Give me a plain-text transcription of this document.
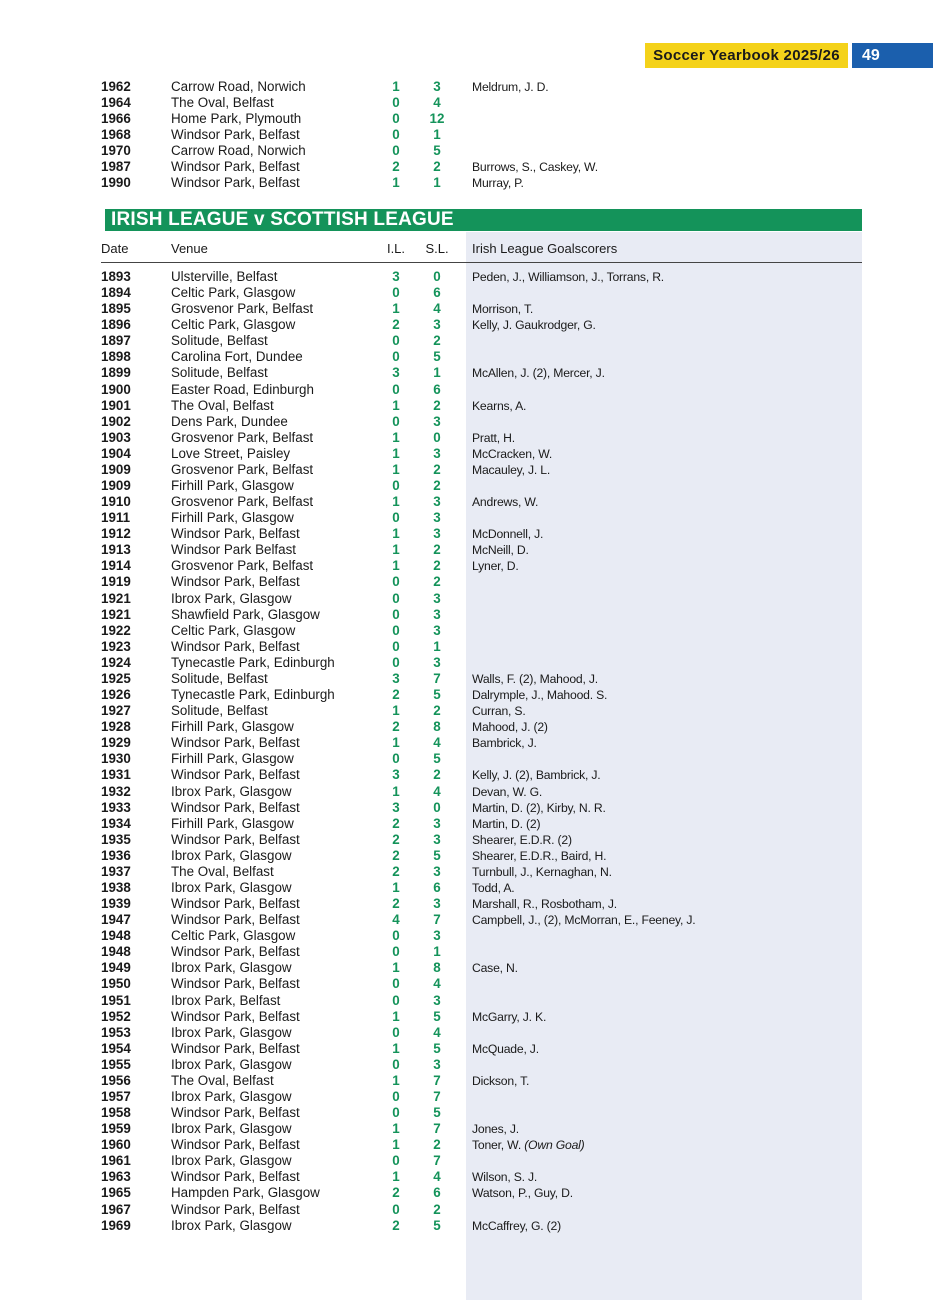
Soccer Yearbook 2025/26	49
1962	Carrow Road, Norwich	1	3	Meldrum, J. D.
1964	The Oval, Belfast	0	4
1966	Home Park, Plymouth	0	12
1968	Windsor Park, Belfast	0	1
1970	Carrow Road, Norwich	0	5
1987	Windsor Park, Belfast	2	2	Burrows, S., Caskey, W.
1990	Windsor Park, Belfast	1	1	Murray, P.
IRISH LEAGUE v SCOTTISH LEAGUE
Date	Venue	I.L.	S.L.	Irish League Goalscorers
1893	Ulsterville, Belfast	3	0	Peden, J., Williamson, J., Torrans, R.
1894	Celtic Park, Glasgow	0	6
1895	Grosvenor Park, Belfast	1	4	Morrison, T.
1896	Celtic Park, Glasgow	2	3	Kelly, J. Gaukrodger, G.
1897	Solitude, Belfast	0	2
1898	Carolina Fort, Dundee	0	5
1899	Solitude, Belfast	3	1	McAllen, J. (2), Mercer, J.
1900	Easter Road, Edinburgh	0	6
1901	The Oval, Belfast	1	2	Kearns, A.
1902	Dens Park, Dundee	0	3
1903	Grosvenor Park, Belfast	1	0	Pratt, H.
1904	Love Street, Paisley	1	3	McCracken, W.
1909	Grosvenor Park, Belfast	1	2	Macauley, J. L.
1909	Firhill Park, Glasgow	0	2
1910	Grosvenor Park, Belfast	1	3	Andrews, W.
1911	Firhill Park, Glasgow	0	3
1912	Windsor Park, Belfast	1	3	McDonnell, J.
1913	Windsor Park Belfast	1	2	McNeill, D.
1914	Grosvenor Park, Belfast	1	2	Lyner, D.
1919	Windsor Park, Belfast	0	2
1921	Ibrox Park, Glasgow	0	3
1921	Shawfield Park, Glasgow	0	3
1922	Celtic Park, Glasgow	0	3
1923	Windsor Park, Belfast	0	1
1924	Tynecastle Park, Edinburgh	0	3
1925	Solitude, Belfast	3	7	Walls, F. (2), Mahood, J.
1926	Tynecastle Park, Edinburgh	2	5	Dalrymple, J., Mahood. S.
1927	Solitude, Belfast	1	2	Curran, S.
1928	Firhill Park, Glasgow	2	8	Mahood, J. (2)
1929	Windsor Park, Belfast	1	4	Bambrick, J.
1930	Firhill Park, Glasgow	0	5
1931	Windsor Park, Belfast	3	2	Kelly, J. (2), Bambrick, J.
1932	Ibrox Park, Glasgow	1	4	Devan, W. G.
1933	Windsor Park, Belfast	3	0	Martin, D. (2), Kirby, N. R.
1934	Firhill Park, Glasgow	2	3	Martin, D. (2)
1935	Windsor Park, Belfast	2	3	Shearer, E.D.R. (2)
1936	Ibrox Park, Glasgow	2	5	Shearer, E.D.R., Baird, H.
1937	The Oval, Belfast	2	3	Turnbull, J., Kernaghan, N.
1938	Ibrox Park, Glasgow	1	6	Todd, A.
1939	Windsor Park, Belfast	2	3	Marshall, R., Rosbotham, J.
1947	Windsor Park, Belfast	4	7	Campbell, J., (2), McMorran, E., Feeney, J.
1948	Celtic Park, Glasgow	0	3
1948	Windsor Park, Belfast	0	1
1949	Ibrox Park, Glasgow	1	8	Case, N.
1950	Windsor Park, Belfast	0	4
1951	Ibrox Park, Belfast	0	3
1952	Windsor Park, Belfast	1	5	McGarry, J. K.
1953	Ibrox Park, Glasgow	0	4
1954	Windsor Park, Belfast	1	5	McQuade, J.
1955	Ibrox Park, Glasgow	0	3
1956	The Oval, Belfast	1	7	Dickson, T.
1957	Ibrox Park, Glasgow	0	7
1958	Windsor Park, Belfast	0	5
1959	Ibrox Park, Glasgow	1	7	Jones, J.
1960	Windsor Park, Belfast	1	2	Toner, W. (Own Goal)
1961	Ibrox Park, Glasgow	0	7
1963	Windsor Park, Belfast	1	4	Wilson, S. J.
1965	Hampden Park, Glasgow	2	6	Watson, P., Guy, D.
1967	Windsor Park, Belfast	0	2
1969	Ibrox Park, Glasgow	2	5	McCaffrey, G. (2)
